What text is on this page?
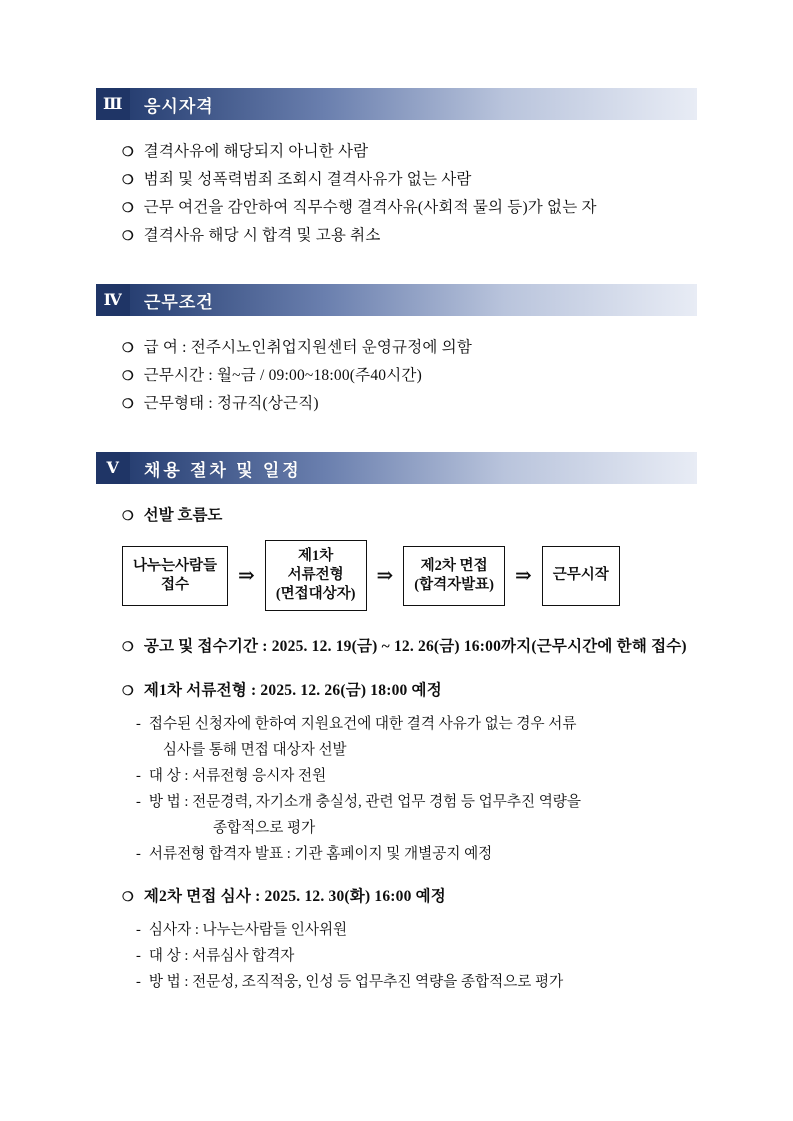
Ⅲ	응시자격
❍ 결격사유에 해당되지 아니한 사람
❍ 범죄 및 성폭력범죄 조회시 결격사유가 없는 사람
❍ 근무 여건을 감안하여 직무수행 결격사유(사회적 물의 등)가 없는 자
❍ 결격사유 해당 시 합격 및 고용 취소
Ⅳ	근무조건
❍ 급 여 : 전주시노인취업지원센터 운영규정에 의함
❍ 근무시간 : 월~금 / 09:00~18:00(주40시간)
❍ 근무형태 : 정규직(상근직)
Ⅴ	채용 절차 및 일정
❍ 선발 흐름도
나누는사람들
접수	⇒
제1차
서류전형
(면접대상자)
⇒	제2차 면접
(합격자발표)	⇒	근무시작
❍ 공고 및 접수기간 : 2025. 12. 19(금) ~ 12. 26(금) 16:00까지(근무시간에 한해 접수)
❍ 제1차 서류전형 : 2025. 12. 26(금) 18:00 예정
- 접수된 신청자에 한하여 지원요건에 대한 결격 사유가 없는 경우 서류
심사를 통해 면접 대상자 선발
- 대 상 : 서류전형 응시자 전원
- 방 법 : 전문경력, 자기소개 충실성, 관련 업무 경험 등 업무추진 역량을
종합적으로 평가
- 서류전형 합격자 발표 : 기관 홈페이지 및 개별공지 예정
❍ 제2차 면접 심사 : 2025. 12. 30(화) 16:00 예정
- 심사자 : 나누는사람들 인사위원
- 대 상 : 서류심사 합격자
- 방 법 : 전문성, 조직적웅, 인성 등 업무추진 역량을 종합적으로 평가
